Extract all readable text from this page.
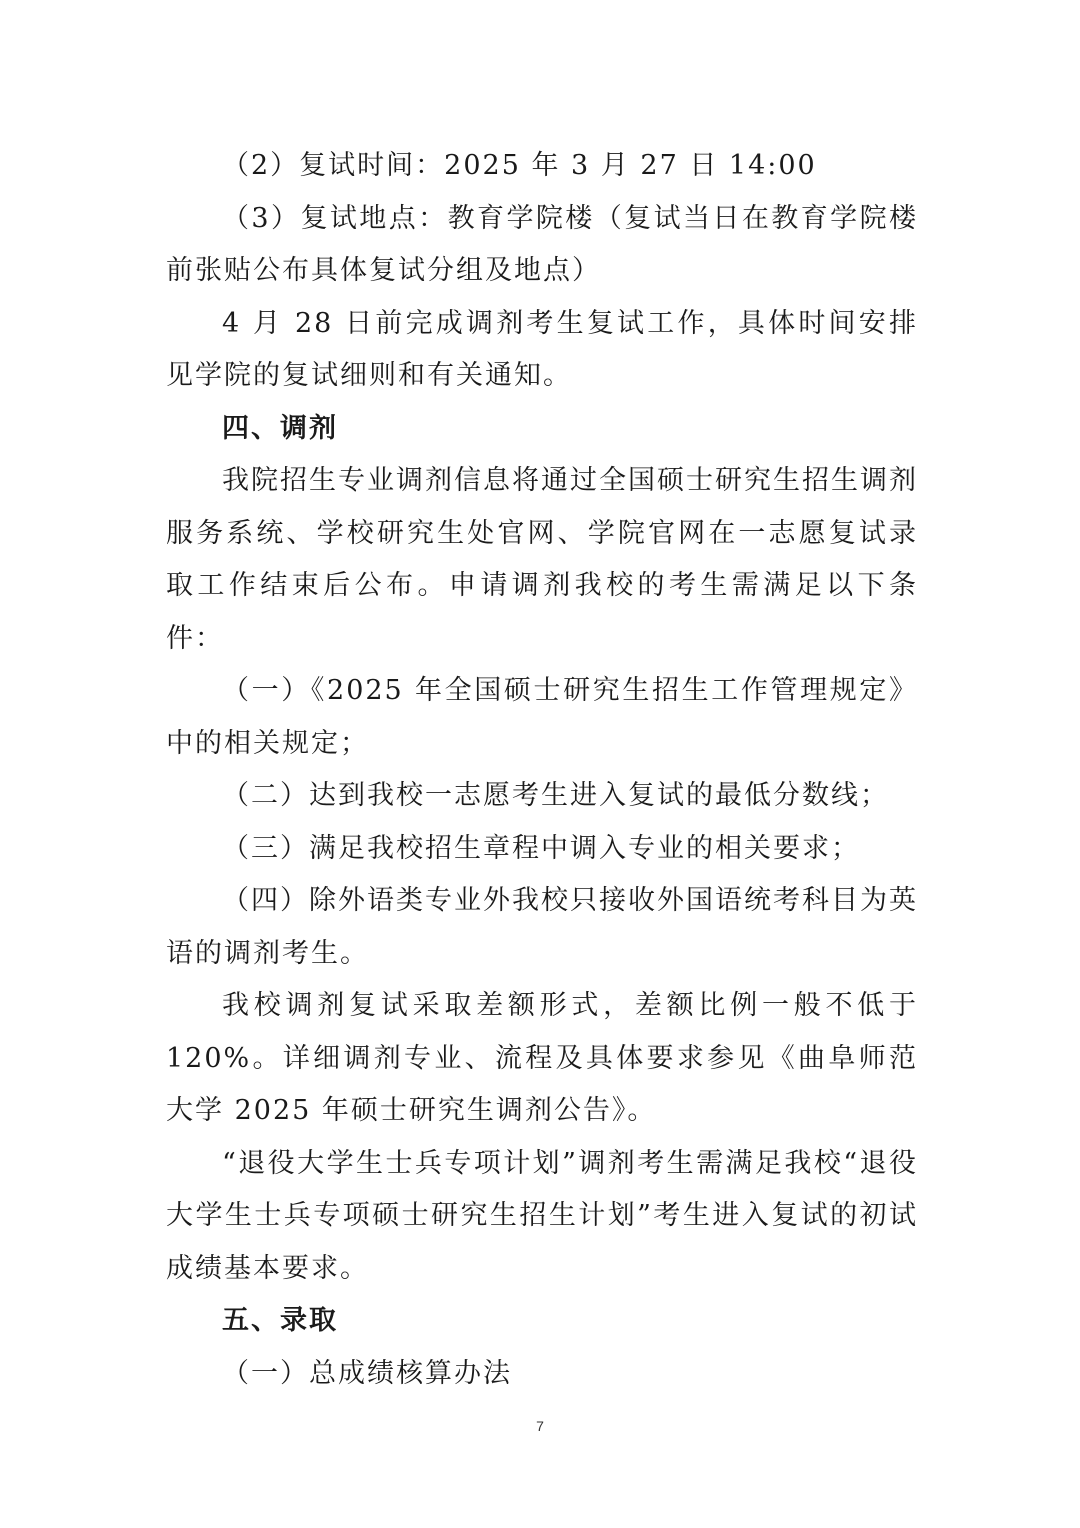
（2）复试时间：2025 年 3 月 27 日 14:00

（3）复试地点：教育学院楼（复试当日在教育学院楼前张贴公布具体复试分组及地点）

4 月 28 日前完成调剂考生复试工作，具体时间安排见学院的复试细则和有关通知。

四、调剂

我院招生专业调剂信息将通过全国硕士研究生招生调剂服务系统、学校研究生处官网、学院官网在一志愿复试录取工作结束后公布。申请调剂我校的考生需满足以下条件：

（一）《2025 年全国硕士研究生招生工作管理规定》中的相关规定；

（二）达到我校一志愿考生进入复试的最低分数线；

（三）满足我校招生章程中调入专业的相关要求；

（四）除外语类专业外我校只接收外国语统考科目为英语的调剂考生。

我校调剂复试采取差额形式，差额比例一般不低于 120%。详细调剂专业、流程及具体要求参见《曲阜师范大学 2025 年硕士研究生调剂公告》。

“退役大学生士兵专项计划”调剂考生需满足我校“退役大学生士兵专项硕士研究生招生计划”考生进入复试的初试成绩基本要求。

五、录取

（一）总成绩核算办法

7
